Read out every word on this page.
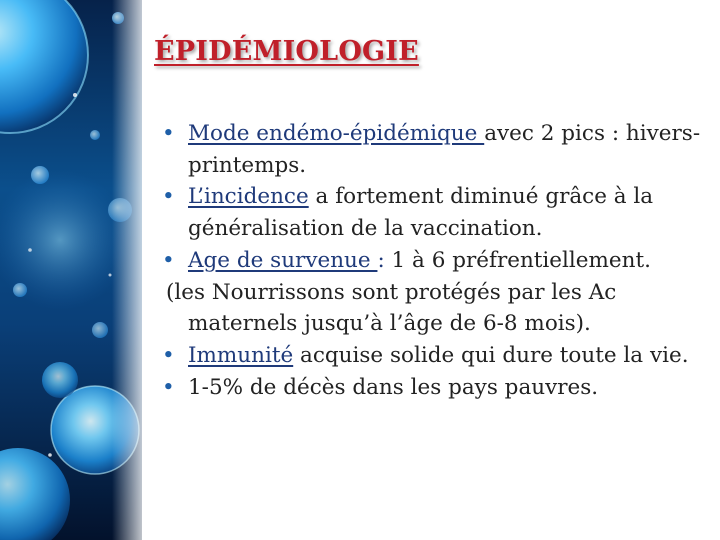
ÉPIDÉMIOLOGIE
• Mode endémo-épidémique avec 2 pics : hivers-printemps.
• L’incidence a fortement diminué grâce à la généralisation de la vaccination.
• Age de survenue : 1 à 6 préfrentiellement.
(les Nourrissons sont protégés par les Ac maternels jusqu’à l’âge de 6-8 mois).
• Immunité acquise solide qui dure toute la vie.
• 1-5% de décès dans les pays pauvres.
